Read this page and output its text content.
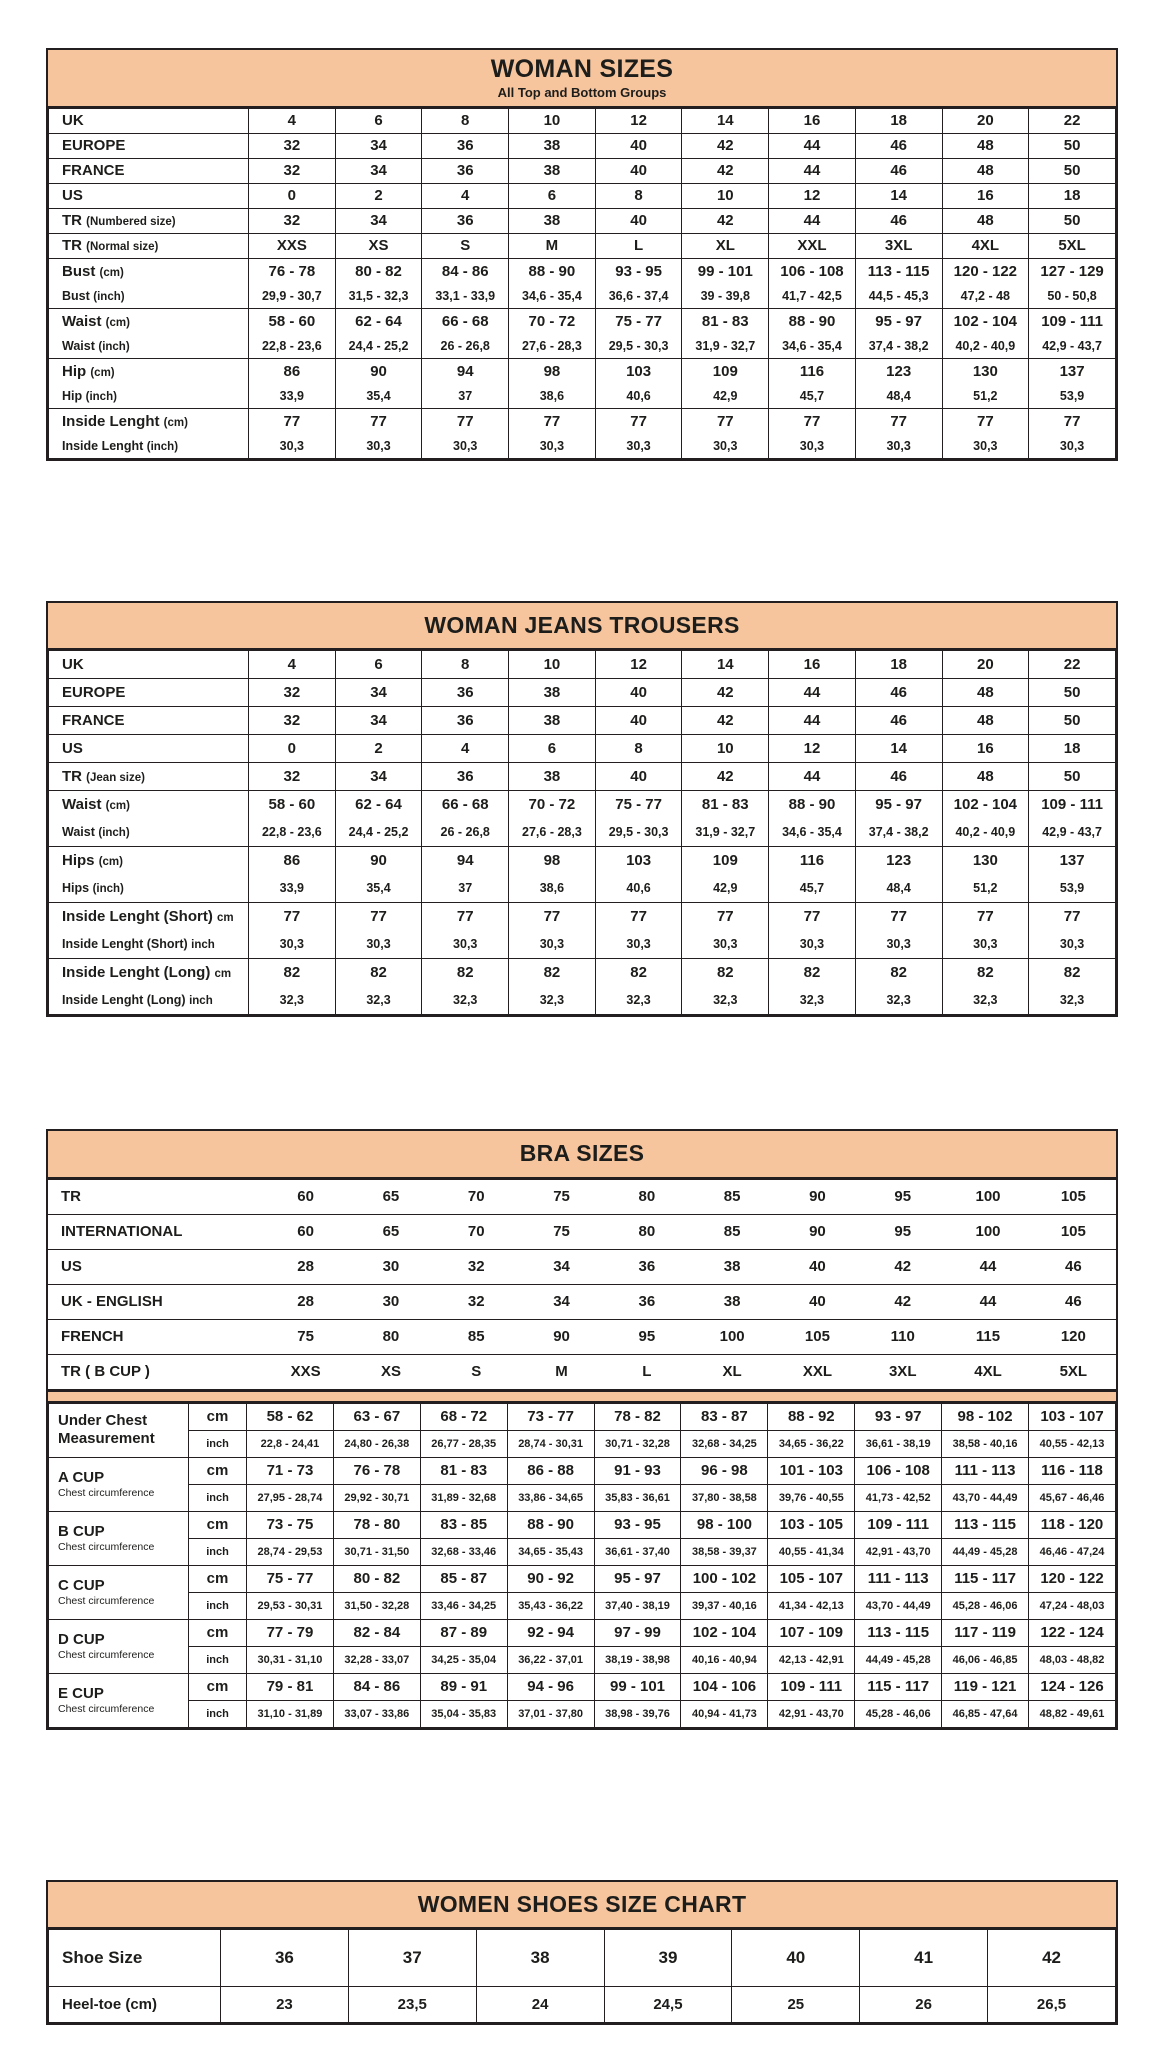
WOMAN SIZES
All Top and Bottom Groups
UK	4	6	8	10	12	14	16	18	20	22
EUROPE	32	34	36	38	40	42	44	46	48	50
FRANCE	32	34	36	38	40	42	44	46	48	50
US	0	2	4	6	8	10	12	14	16	18
TR (Numbered size)	32	34	36	38	40	42	44	46	48	50
TR (Normal size)	XXS	XS	S	M	L	XL	XXL	3XL	4XL	5XL
Bust (cm)	76 - 78	80 - 82	84 - 86	88 - 90	93 - 95	99 - 101	106 - 108	113 - 115	120 - 122	127 - 129
Bust (inch)	29,9 - 30,7	31,5 - 32,3	33,1 - 33,9	34,6 - 35,4	36,6 - 37,4	39 - 39,8	41,7 - 42,5	44,5 - 45,3	47,2 - 48	50 - 50,8
Waist (cm)	58 - 60	62 - 64	66 - 68	70 - 72	75 - 77	81 - 83	88 - 90	95 - 97	102 - 104	109 - 111
Waist (inch)	22,8 - 23,6	24,4 - 25,2	26 - 26,8	27,6 - 28,3	29,5 - 30,3	31,9 - 32,7	34,6 - 35,4	37,4 - 38,2	40,2 - 40,9	42,9 - 43,7
Hip (cm)	86	90	94	98	103	109	116	123	130	137
Hip (inch)	33,9	35,4	37	38,6	40,6	42,9	45,7	48,4	51,2	53,9
Inside Lenght (cm)	77	77	77	77	77	77	77	77	77	77
Inside Lenght (inch)	30,3	30,3	30,3	30,3	30,3	30,3	30,3	30,3	30,3	30,3
WOMAN JEANS TROUSERS
UK	4	6	8	10	12	14	16	18	20	22
EUROPE	32	34	36	38	40	42	44	46	48	50
FRANCE	32	34	36	38	40	42	44	46	48	50
US	0	2	4	6	8	10	12	14	16	18
TR (Jean size)	32	34	36	38	40	42	44	46	48	50
Waist (cm)	58 - 60	62 - 64	66 - 68	70 - 72	75 - 77	81 - 83	88 - 90	95 - 97	102 - 104	109 - 111
Waist (inch)	22,8 - 23,6	24,4 - 25,2	26 - 26,8	27,6 - 28,3	29,5 - 30,3	31,9 - 32,7	34,6 - 35,4	37,4 - 38,2	40,2 - 40,9	42,9 - 43,7
Hips (cm)	86	90	94	98	103	109	116	123	130	137
Hips (inch)	33,9	35,4	37	38,6	40,6	42,9	45,7	48,4	51,2	53,9
Inside Lenght (Short) cm	77	77	77	77	77	77	77	77	77	77
Inside Lenght (Short) inch	30,3	30,3	30,3	30,3	30,3	30,3	30,3	30,3	30,3	30,3
Inside Lenght (Long) cm	82	82	82	82	82	82	82	82	82	82
Inside Lenght (Long) inch	32,3	32,3	32,3	32,3	32,3	32,3	32,3	32,3	32,3	32,3
BRA SIZES
TR	60	65	70	75	80	85	90	95	100	105
INTERNATIONAL	60	65	70	75	80	85	90	95	100	105
US	28	30	32	34	36	38	40	42	44	46
UK - ENGLISH	28	30	32	34	36	38	40	42	44	46
FRENCH	75	80	85	90	95	100	105	110	115	120
TR ( B CUP )	XXS	XS	S	M	L	XL	XXL	3XL	4XL	5XL
Under Chest Measurement	cm	58 - 62	63 - 67	68 - 72	73 - 77	78 - 82	83 - 87	88 - 92	93 - 97	98 - 102	103 - 107
	inch	22,8 - 24,41	24,80 - 26,38	26,77 - 28,35	28,74 - 30,31	30,71 - 32,28	32,68 - 34,25	34,65 - 36,22	36,61 - 38,19	38,58 - 40,16	40,55 - 42,13

A CUP
Chest circumference	cm	71 - 73	76 - 78	81 - 83	86 - 88	91 - 93	96 - 98	101 - 103	106 - 108	111 - 113	116 - 118
	inch	27,95 - 28,74	29,92 - 30,71	31,89 - 32,68	33,86 - 34,65	35,83 - 36,61	37,80 - 38,58	39,76 - 40,55	41,73 - 42,52	43,70 - 44,49	45,67 - 46,46

B CUP
Chest circumference	cm	73 - 75	78 - 80	83 - 85	88 - 90	93 - 95	98 - 100	103 - 105	109 - 111	113 - 115	118 - 120
	inch	28,74 - 29,53	30,71 - 31,50	32,68 - 33,46	34,65 - 35,43	36,61 - 37,40	38,58 - 39,37	40,55 - 41,34	42,91 - 43,70	44,49 - 45,28	46,46 - 47,24

C CUP
Chest circumference	cm	75 - 77	80 - 82	85 - 87	90 - 92	95 - 97	100 - 102	105 - 107	111 - 113	115 - 117	120 - 122
	inch	29,53 - 30,31	31,50 - 32,28	33,46 - 34,25	35,43 - 36,22	37,40 - 38,19	39,37 - 40,16	41,34 - 42,13	43,70 - 44,49	45,28 - 46,06	47,24 - 48,03

D CUP
Chest circumference	cm	77 - 79	82 - 84	87 - 89	92 - 94	97 - 99	102 - 104	107 - 109	113 - 115	117 - 119	122 - 124
	inch	30,31 - 31,10	32,28 - 33,07	34,25 - 35,04	36,22 - 37,01	38,19 - 38,98	40,16 - 40,94	42,13 - 42,91	44,49 - 45,28	46,06 - 46,85	48,03 - 48,82

E CUP
Chest circumference	cm	79 - 81	84 - 86	89 - 91	94 - 96	99 - 101	104 - 106	109 - 111	115 - 117	119 - 121	124 - 126
	inch	31,10 - 31,89	33,07 - 33,86	35,04 - 35,83	37,01 - 37,80	38,98 - 39,76	40,94 - 41,73	42,91 - 43,70	45,28 - 46,06	46,85 - 47,64	48,82 - 49,61
WOMEN SHOES SIZE CHART
Shoe Size	36	37	38	39	40	41	42
Heel-toe (cm)	23	23,5	24	24,5	25	26	26,5
